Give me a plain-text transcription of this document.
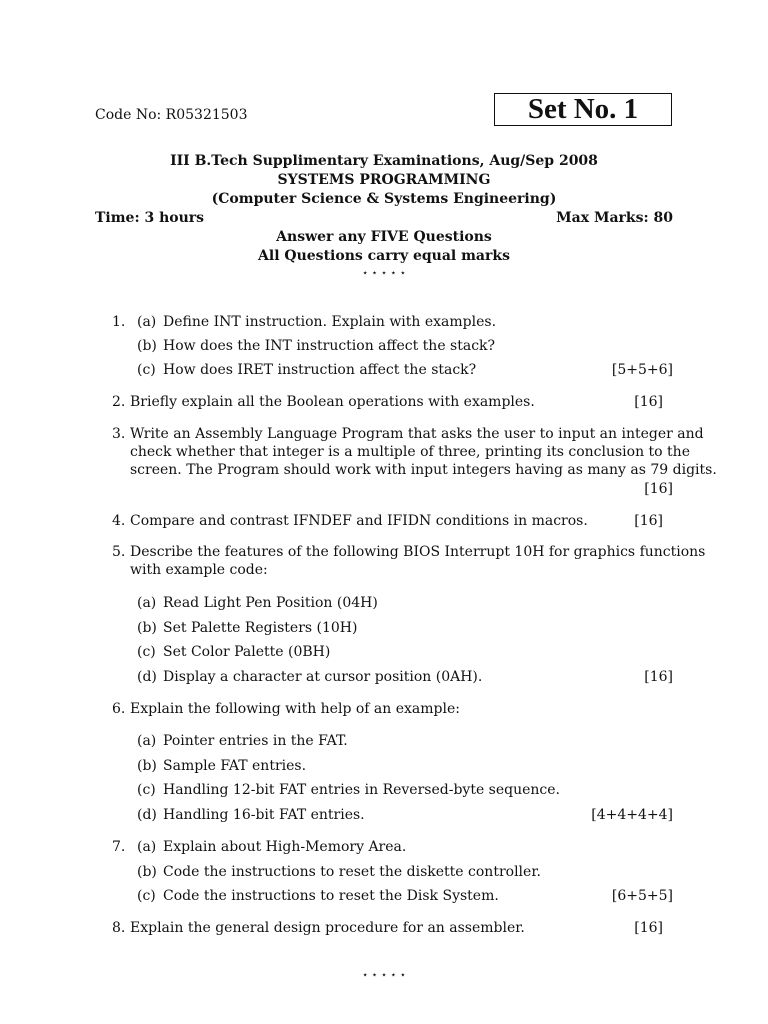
Code No: R05321503	Set No. 1
III B.Tech Supplimentary Examinations, Aug/Sep 2008
SYSTEMS PROGRAMMING
(Computer Science & Systems Engineering)
Time: 3 hours	Max Marks: 80
Answer any FIVE Questions
All Questions carry equal marks
⋆ ⋆ ⋆ ⋆ ⋆
1. (a) Define INT instruction. Explain with examples.
(b) How does the INT instruction affect the stack?
(c) How does IRET instruction affect the stack?	[5+5+6]
2. Briefly explain all the Boolean operations with examples.	[16]
3. Write an Assembly Language Program that asks the user to input an integer and
check whether that integer is a multiple of three, printing its conclusion to the
screen. The Program should work with input integers having as many as 79 digits.
[16]
4. Compare and contrast IFNDEF and IFIDN conditions in macros.	[16]
5. Describe the features of the following BIOS Interrupt 10H for graphics functions
with example code:
(a) Read Light Pen Position (04H)
(b) Set Palette Registers (10H)
(c) Set Color Palette (0BH)
(d) Display a character at cursor position (0AH).	[16]
6. Explain the following with help of an example:
(a) Pointer entries in the FAT.
(b) Sample FAT entries.
(c) Handling 12-bit FAT entries in Reversed-byte sequence.
(d) Handling 16-bit FAT entries.	[4+4+4+4]
7. (a) Explain about High-Memory Area.
(b) Code the instructions to reset the diskette controller.
(c) Code the instructions to reset the Disk System.	[6+5+5]
8. Explain the general design procedure for an assembler.	[16]
⋆ ⋆ ⋆ ⋆ ⋆
